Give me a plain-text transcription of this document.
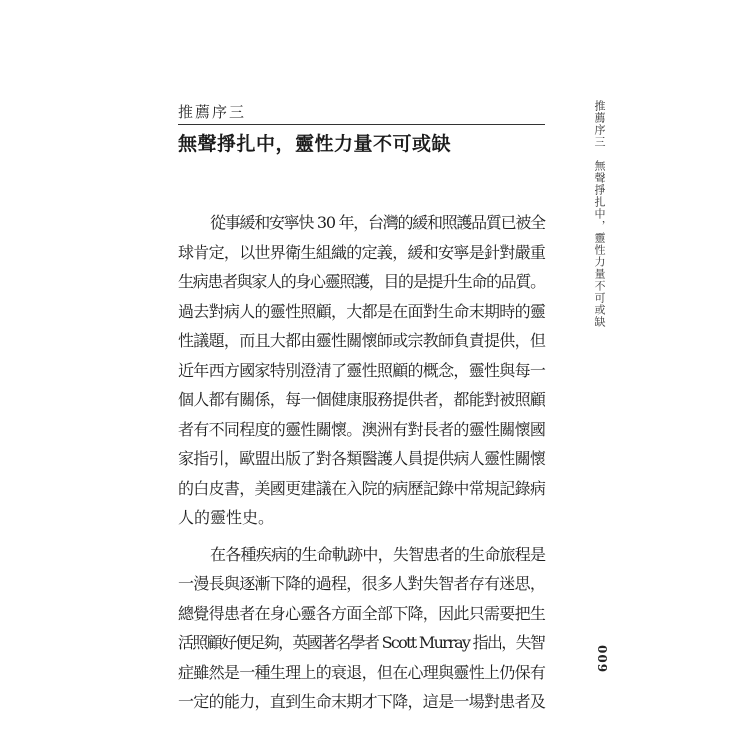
推薦序三
無聲掙扎中，靈性力量不可或缺

從事緩和安寧快 30 年，台灣的緩和照護品質已被全
球肯定，以世界衛生組織的定義，緩和安寧是針對嚴重
生病患者與家人的身心靈照護，目的是提升生命的品質。
過去對病人的靈性照顧，大都是在面對生命末期時的靈
性議題，而且大都由靈性關懷師或宗教師負責提供，但
近年西方國家特別澄清了靈性照顧的概念，靈性與每一
個人都有關係，每一個健康服務提供者，都能對被照顧
者有不同程度的靈性關懷。澳洲有對長者的靈性關懷國
家指引，歐盟出版了對各類醫護人員提供病人靈性關懷
的白皮書，美國更建議在入院的病歷記錄中常規記錄病
人的靈性史。

在各種疾病的生命軌跡中，失智患者的生命旅程是
一漫長與逐漸下降的過程，很多人對失智者存有迷思，
總覺得患者在身心靈各方面全部下降，因此只需要把生
活照顧好便足夠，英國著名學者 Scott Murray 指出，失智
症雖然是一種生理上的衰退，但在心理與靈性上仍保有
一定的能力，直到生命末期才下降，這是一場對患者及

推薦序三　無聲掙扎中，靈性力量不可或缺
009
